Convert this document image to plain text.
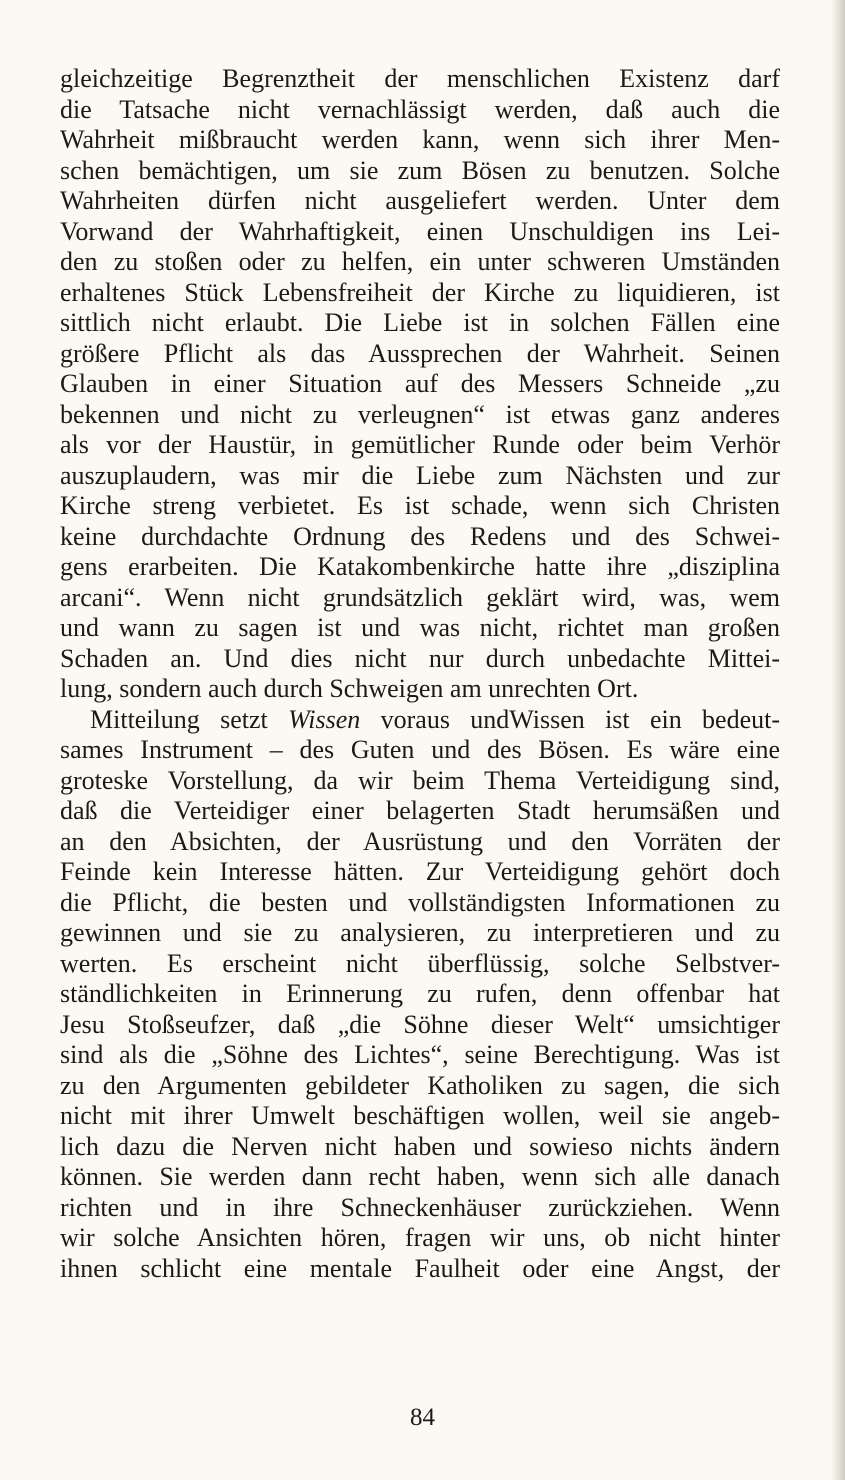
gleichzeitige Begrenztheit der menschlichen Existenz darf
die Tatsache nicht vernachlässigt werden, daß auch die
Wahrheit mißbraucht werden kann, wenn sich ihrer Men-
schen bemächtigen, um sie zum Bösen zu benutzen. Solche
Wahrheiten dürfen nicht ausgeliefert werden. Unter dem
Vorwand der Wahrhaftigkeit, einen Unschuldigen ins Lei-
den zu stoßen oder zu helfen, ein unter schweren Umständen
erhaltenes Stück Lebensfreiheit der Kirche zu liquidieren, ist
sittlich nicht erlaubt. Die Liebe ist in solchen Fällen eine
größere Pflicht als das Aussprechen der Wahrheit. Seinen
Glauben in einer Situation auf des Messers Schneide „zu
bekennen und nicht zu verleugnen“ ist etwas ganz anderes
als vor der Haustür, in gemütlicher Runde oder beim Verhör
auszuplaudern, was mir die Liebe zum Nächsten und zur
Kirche streng verbietet. Es ist schade, wenn sich Christen
keine durchdachte Ordnung des Redens und des Schwei-
gens erarbeiten. Die Katakombenkirche hatte ihre „disziplina
arcani“. Wenn nicht grundsätzlich geklärt wird, was, wem
und wann zu sagen ist und was nicht, richtet man großen
Schaden an. Und dies nicht nur durch unbedachte Mittei-
lung, sondern auch durch Schweigen am unrechten Ort.
Mitteilung setzt Wissen voraus undWissen ist ein bedeut-
sames Instrument – des Guten und des Bösen. Es wäre eine
groteske Vorstellung, da wir beim Thema Verteidigung sind,
daß die Verteidiger einer belagerten Stadt herumsäßen und
an den Absichten, der Ausrüstung und den Vorräten der
Feinde kein Interesse hätten. Zur Verteidigung gehört doch
die Pflicht, die besten und vollständigsten Informationen zu
gewinnen und sie zu analysieren, zu interpretieren und zu
werten. Es erscheint nicht überflüssig, solche Selbstver-
ständlichkeiten in Erinnerung zu rufen, denn offenbar hat
Jesu Stoßseufzer, daß „die Söhne dieser Welt“ umsichtiger
sind als die „Söhne des Lichtes“, seine Berechtigung. Was ist
zu den Argumenten gebildeter Katholiken zu sagen, die sich
nicht mit ihrer Umwelt beschäftigen wollen, weil sie angeb-
lich dazu die Nerven nicht haben und sowieso nichts ändern
können. Sie werden dann recht haben, wenn sich alle danach
richten und in ihre Schneckenhäuser zurückziehen. Wenn
wir solche Ansichten hören, fragen wir uns, ob nicht hinter
ihnen schlicht eine mentale Faulheit oder eine Angst, der
84
